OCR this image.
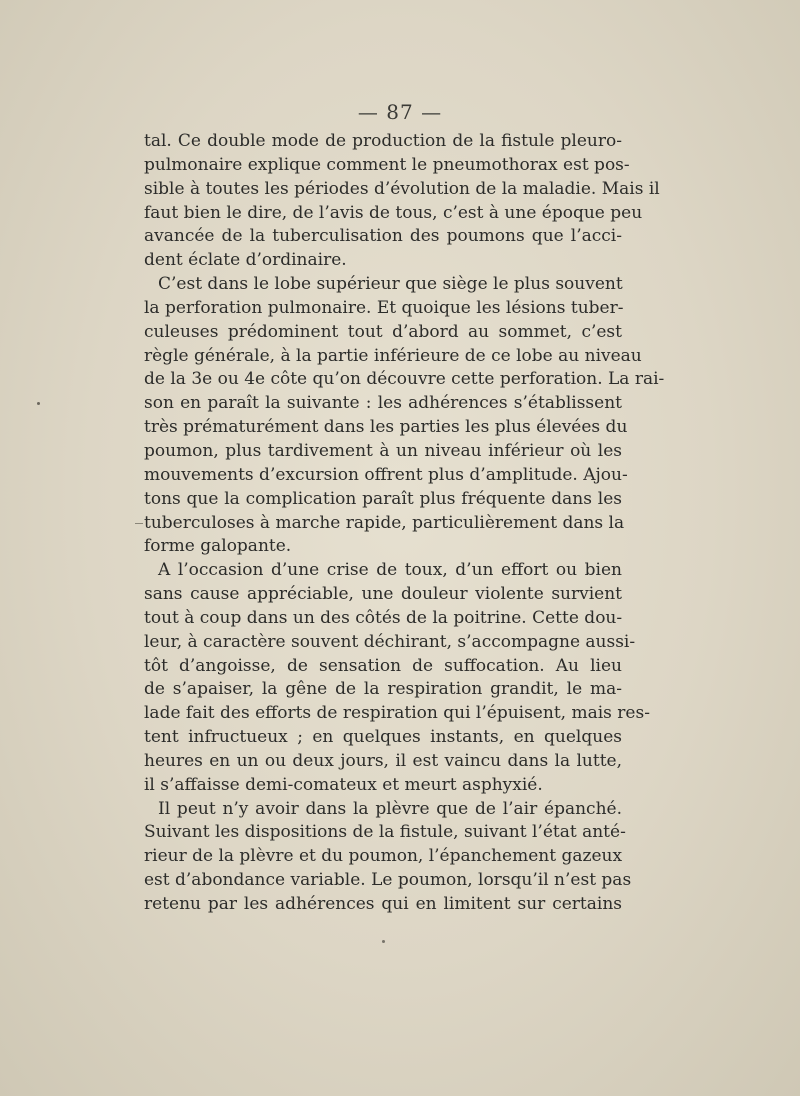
— 87 —
tal. Ce double mode de production de la fistule pleuro-
pulmonaire explique comment le pneumothorax est pos-
sible à toutes les périodes d’évolution de la maladie. Mais il
faut bien le dire, de l’avis de tous, c’est à une époque peu
avancée de la tuberculisation des poumons que l’acci-
dent éclate d’ordinaire.
C’est dans le lobe supérieur que siège le plus souvent
la perforation pulmonaire. Et quoique les lésions tuber-
culeuses prédominent tout d’abord au sommet, c’est
règle générale, à la partie inférieure de ce lobe au niveau
de la 3e ou 4e côte qu’on découvre cette perforation. La rai-
son en paraît la suivante : les adhérences s’établissent
très prématurément dans les parties les plus élevées du
poumon, plus tardivement à un niveau inférieur où les
mouvements d’excursion offrent plus d’amplitude. Ajou-
tons que la complication paraît plus fréquente dans les
tuberculoses à marche rapide, particulièrement dans la
forme galopante.
A l’occasion d’une crise de toux, d’un effort ou bien
sans cause appréciable, une douleur violente survient
tout à coup dans un des côtés de la poitrine. Cette dou-
leur, à caractère souvent déchirant, s’accompagne aussi-
tôt d’angoisse, de sensation de suffocation. Au lieu
de s’apaiser, la gêne de la respiration grandit, le ma-
lade fait des efforts de respiration qui l’épuisent, mais res-
tent infructueux ; en quelques instants, en quelques
heures en un ou deux jours, il est vaincu dans la lutte,
il s’affaisse demi-comateux et meurt asphyxié.
Il peut n’y avoir dans la plèvre que de l’air épanché.
Suivant les dispositions de la fistule, suivant l’état anté-
rieur de la plèvre et du poumon, l’épanchement gazeux
est d’abondance variable. Le poumon, lorsqu’il n’est pas
retenu par les adhérences qui en limitent sur certains
